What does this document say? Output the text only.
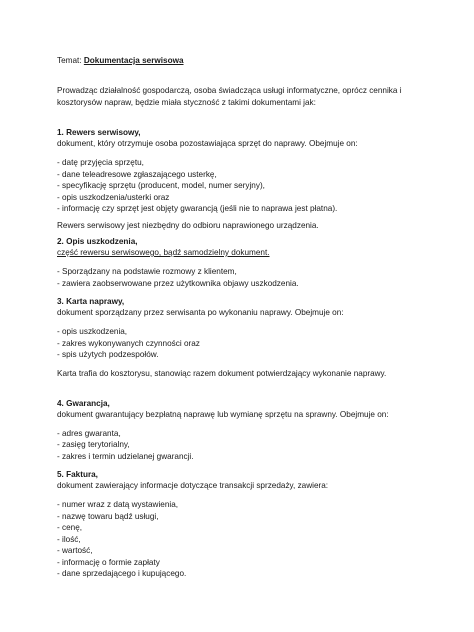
Temat: Dokumentacja serwisowa
Prowadząc działalność gospodarczą, osoba świadcząca usługi informatyczne, oprócz cennika i
kosztorysów napraw, będzie miała styczność z takimi dokumentami jak:
1. Rewers serwisowy,
dokument, który otrzymuje osoba pozostawiająca sprzęt do naprawy. Obejmuje on:
- datę przyjęcia sprzętu,
- dane teleadresowe zgłaszającego usterkę,
- specyfikację sprzętu (producent, model, numer seryjny),
- opis uszkodzenia/usterki oraz
- informację czy sprzęt jest objęty gwarancją (jeśli nie to naprawa jest płatna).
Rewers serwisowy jest niezbędny do odbioru naprawionego urządzenia.
2. Opis uszkodzenia,
część rewersu serwisowego, bądź samodzielny dokument.
- Sporządzany na podstawie rozmowy z klientem,
- zawiera zaobserwowane przez użytkownika objawy uszkodzenia.
3. Karta naprawy,
dokument sporządzany przez serwisanta po wykonaniu naprawy. Obejmuje on:
- opis uszkodzenia,
- zakres wykonywanych czynności oraz
- spis użytych podzespołów.
Karta trafia do kosztorysu, stanowiąc razem dokument potwierdzający wykonanie naprawy.
4. Gwarancja,
dokument gwarantujący bezpłatną naprawę lub wymianę sprzętu na sprawny. Obejmuje on:
- adres gwaranta,
- zasięg terytorialny,
- zakres i termin udzielanej gwarancji.
5. Faktura,
dokument zawierający informacje dotyczące transakcji sprzedaży, zawiera:
- numer wraz z datą wystawienia,
- nazwę towaru bądź usługi,
- cenę,
- ilość,
- wartość,
- informację o formie zapłaty
- dane sprzedającego i kupującego.
